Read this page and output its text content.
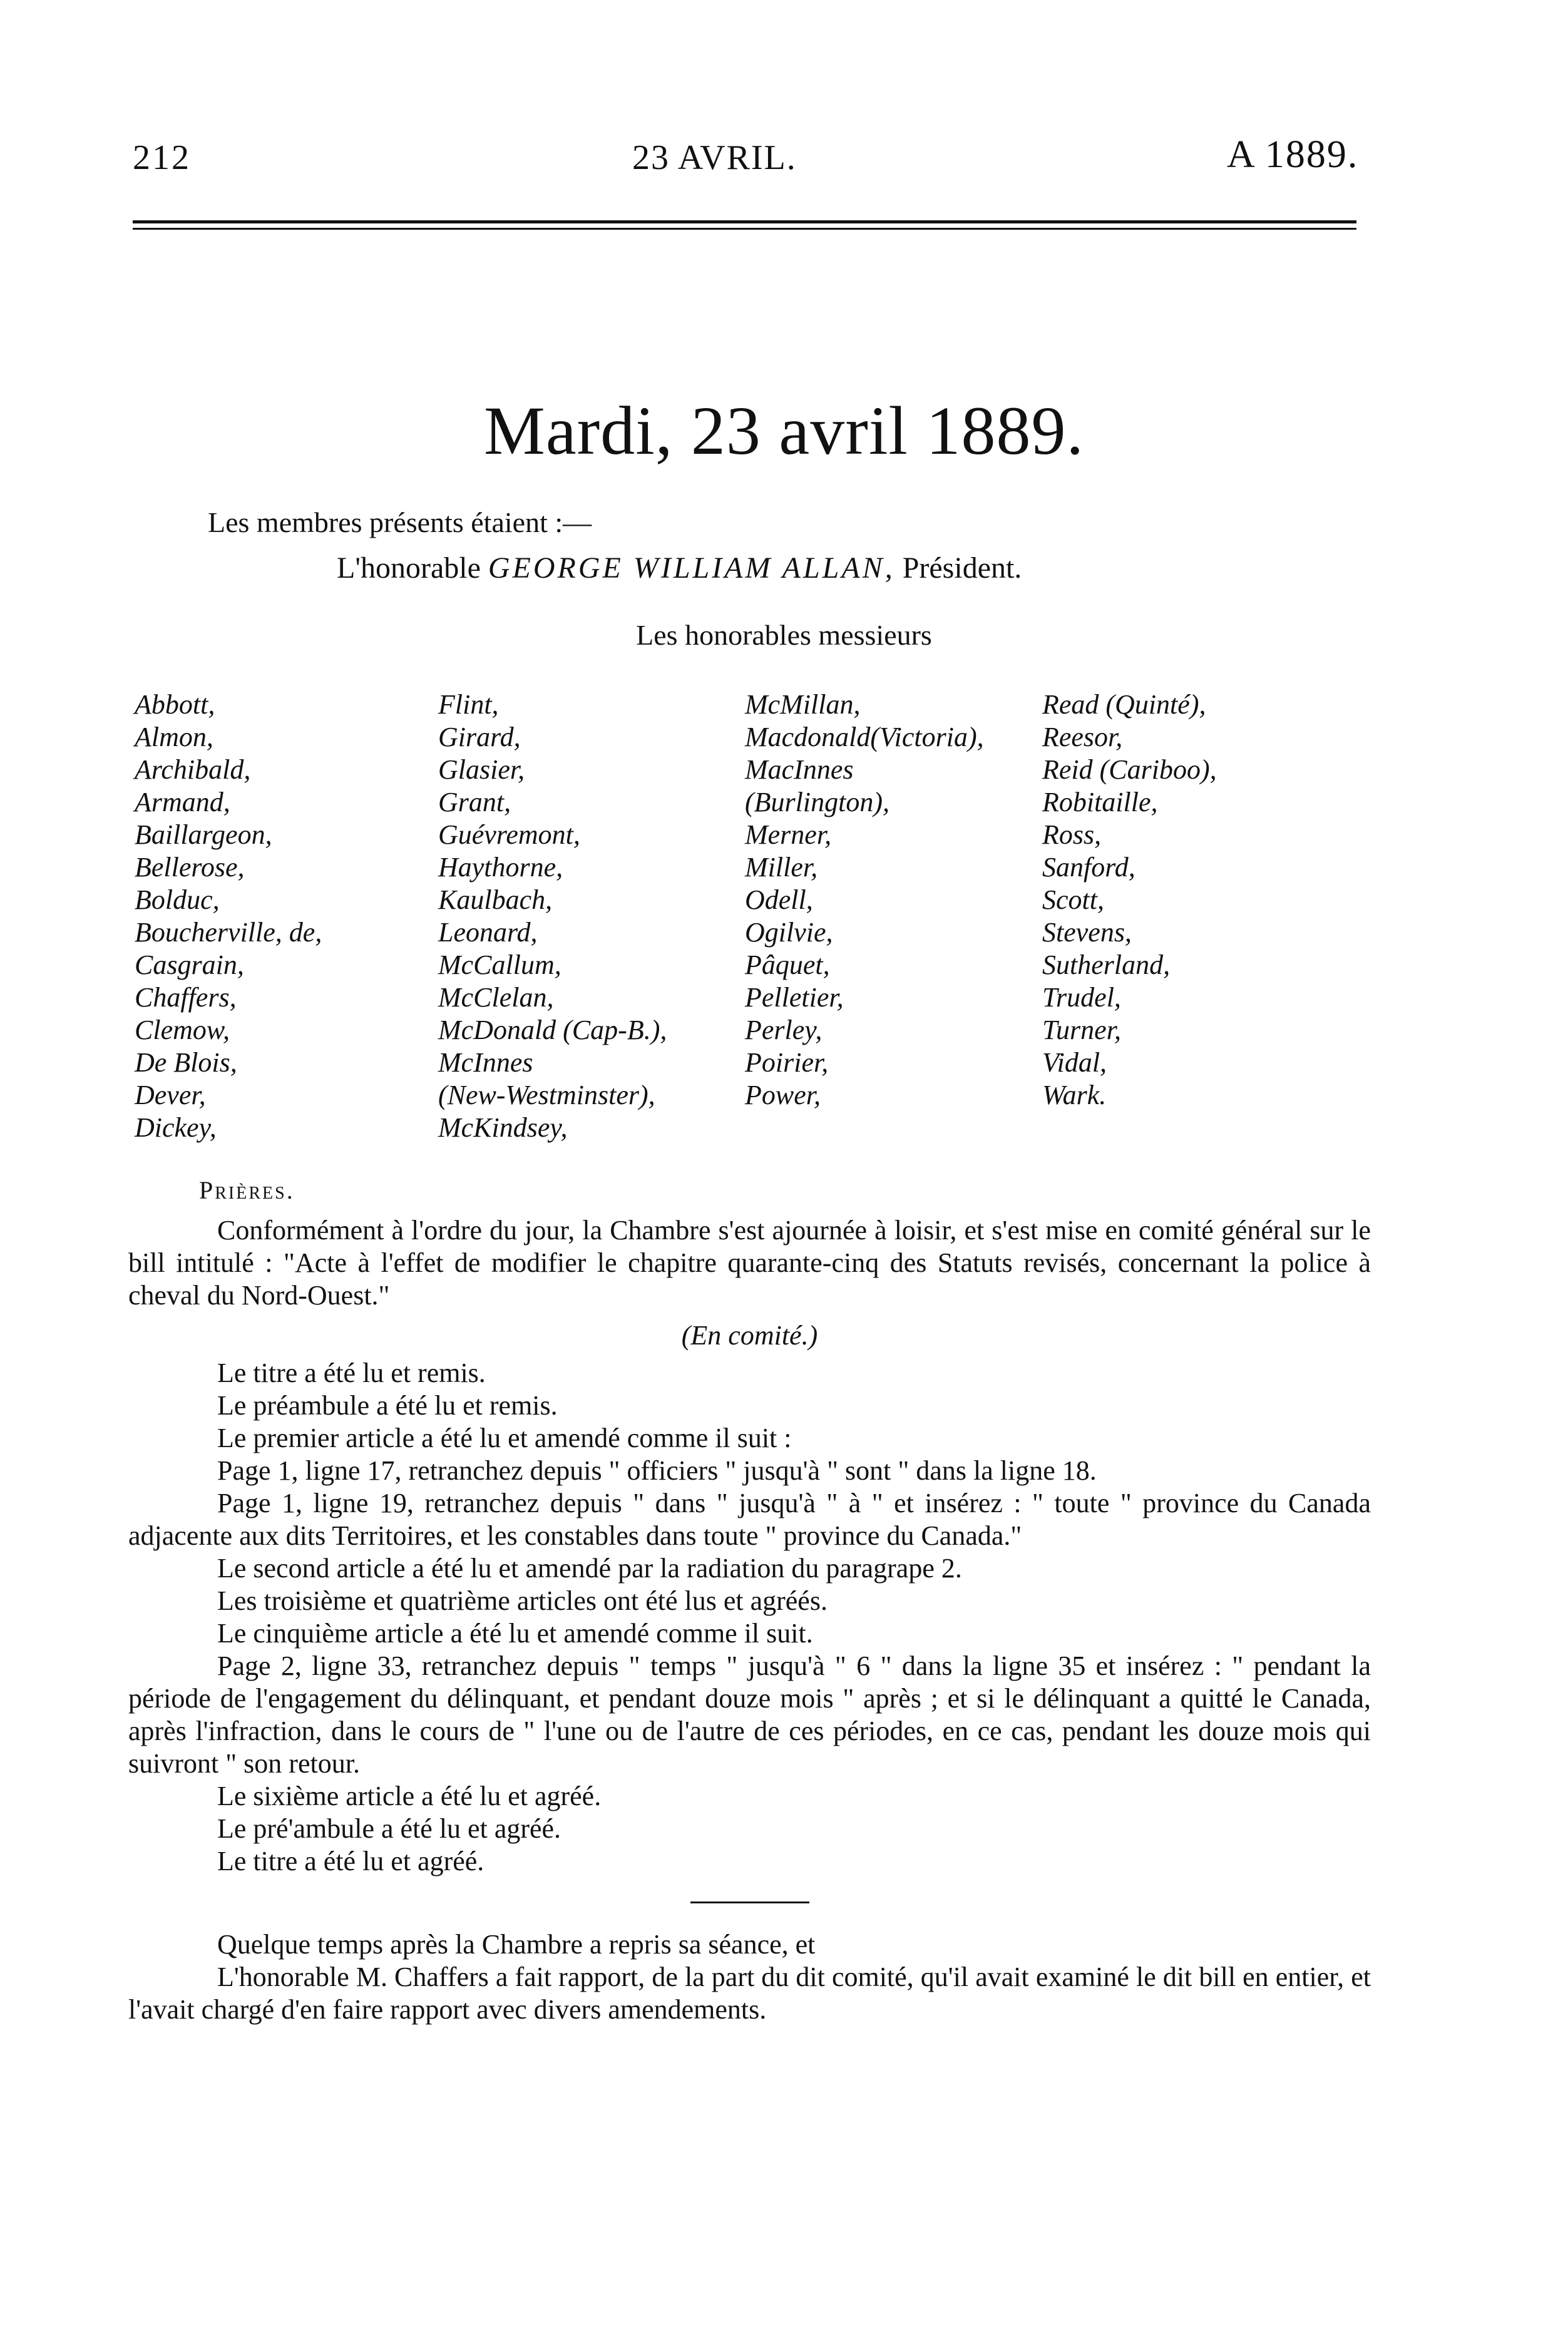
212	23 AVRIL.	A 1889.
Mardi, 23 avril 1889.
Les membres présents étaient :—
L'honorable GEORGE WILLIAM ALLAN, Président.
Les honorables messieurs
Abbott,
Almon,
Archibald,
Armand,
Baillargeon,
Bellerose,
Bolduc,
Boucherville, de,
Casgrain,
Chaffers,
Clemow,
De Blois,
Dever,
Dickey,
Flint,
Girard,
Glasier,
Grant,
Guévremont,
Haythorne,
Kaulbach,
Leonard,
McCallum,
McClelan,
McDonald (Cap-B.),
McInnes
(New-Westminster),
McKindsey,
McMillan,
Macdonald(Victoria),
MacInnes
(Burlington),
Merner,
Miller,
Odell,
Ogilvie,
Pâquet,
Pelletier,
Perley,
Poirier,
Power,
Read (Quinté),
Reesor,
Reid (Cariboo),
Robitaille,
Ross,
Sanford,
Scott,
Stevens,
Sutherland,
Trudel,
Turner,
Vidal,
Wark.
Prières.

Conformément à l'ordre du jour, la Chambre s'est ajournée à loisir, et s'est mise en comité général sur le bill intitulé : "Acte à l'effet de modifier le chapitre quarante-cinq des Statuts revisés, concernant la police à cheval du Nord-Ouest."

(En comité.)

Le titre a été lu et remis.

Le préambule a été lu et remis.

Le premier article a été lu et amendé comme il suit :

Page 1, ligne 17, retranchez depuis " officiers " jusqu'à " sont " dans la ligne 18.

Page 1, ligne 19, retranchez depuis " dans " jusqu'à " à " et insérez : " toute " province du Canada adjacente aux dits Territoires, et les constables dans toute " province du Canada."

Le second article a été lu et amendé par la radiation du paragrape 2.

Les troisième et quatrième articles ont été lus et agréés.

Le cinquième article a été lu et amendé comme il suit.

Page 2, ligne 33, retranchez depuis " temps " jusqu'à " 6 " dans la ligne 35 et insérez : " pendant la période de l'engagement du délinquant, et pendant douze mois " après ; et si le délinquant a quitté le Canada, après l'infraction, dans le cours de " l'une ou de l'autre de ces périodes, en ce cas, pendant les douze mois qui suivront " son retour.

Le sixième article a été lu et agréé.

Le pré'ambule a été lu et agréé.

Le titre a été lu et agréé.

Quelque temps après la Chambre a repris sa séance, et

L'honorable M. Chaffers a fait rapport, de la part du dit comité, qu'il avait examiné le dit bill en entier, et l'avait chargé d'en faire rapport avec divers amendements.
